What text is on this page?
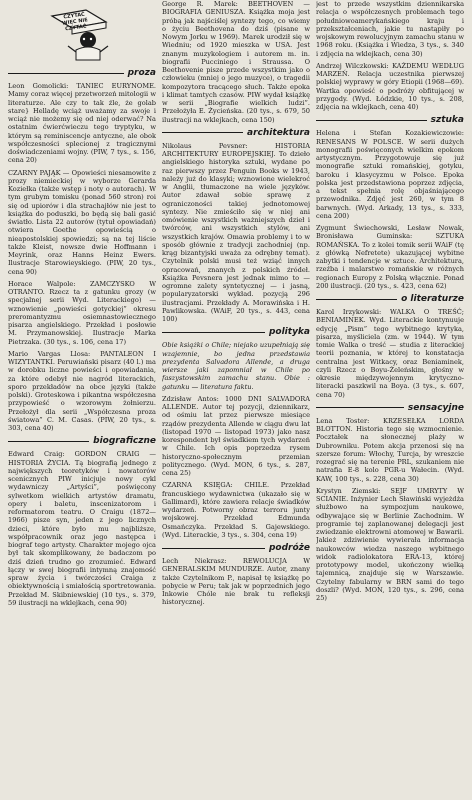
CZYTAĆ WIĘC NIE CZYTAĆ
proza

Leon Gomolicki: TANIEC EURYNOME. Mamy coraz więcej przetworzeń mitologii w literaturze. Ale czy to tak źle, że golab stare} Helladę wciąż uważamy za swoje i wciąż nie możemy się od niej oderwać? Na ostatnim ćwierćwieczu tego tryptyku, w którym są reminiscencje antyczne, ale obok współczesności splecionej z tragicznymi doświadczeniami wojny. (PIW, 7 tys., s. 156, cena 20)

CZARNY PAJĄK — Opowieści niesamowite z prozy niemieckiej w wyborze Gerarda Koziełka (także wstęp i noty o autorach). W tym grubym tomisku (ponad 560 stron) roi się od upiorów i dla strachajłów nie jest to książka do poduszki, bo będą się bali gasić światło. Lista 22 autorów (tytuł opowiadań) otwiera Goethe opowieścią o nieapostolskiej spowiedzi; są na tej liście także Kleist, nowsze dwie Hoffmann i Meyrink, oraz Hanns Heinz Ewers. Ilustracje Starowieyskiego. (PIW, 20 tys., cena 90)

Horace Walpole: ZAMCZYSKO W OTRANTO. Rzecz ta z gatunku grozy (w specjalnej serii Wyd. Literackiego) — wznowienie „powieści gotyckiej” okresu preromantyzmu osiemnastowiecznego pisarza angielskiego. Przekład i posłowie M. Przymanowskiej. Ilustracje Marka Pietrzaka. (30 tys., s. 106, cena 17)

Mario Vargas Llosa: PANTALEON I WIZYTANTKI. Peruwiański pisarz (40 l.) ma w dorobku liczne powieści i opowiadania, za które odebył nie nagród literackich, sporo przekładów na obce języki (także polski). Groteskowa i pikantna współczesna przypowieść o wzorowym żołnierzu. Przełożył dla serii „Współczesna proza światowa” C. M. Casas. (PIW, 20 tys., s. 303, cena 40)

biograficzne

Edward Craig: GORDON CRAIG — HISTORIA ŻYCIA. Tą biografią jednego z największych teoretyków i nowatorów scenicznych PIW inicjuje nowy cykl wydawniczy „Artyści”, poświęcony sylwetkom wielkich artystów dramatu, opery i baletu, inscenizatorom i reformatorom teatru. O Craigu (1872—1966) pisze syn, jeden z jego licznych dzieci, które było mu najbliższe, współpracownik oraz jego następca i biograf tego artysty. Charakter mojego ojca był tak skomplikowany, że badaczom po dziś dzień trudno go zrozumieć. Edward łączy w swej biografii intymną znajomość spraw życia i twórczości Craiga z obiektywnością i smiałością sportretowania. Przekład M. Skibniewskiej (10 tys., s. 379, 59 ilustracji na wklejkach, cena 90)

George R. Marek: BEETHOVEN — BIOGRAFIA GENIUSZA. Książka moja jest próbą jak najściślej syntezy tego, co wiemy o życiu Beethovena do dziś (pisane w Nowym Jorku w 1969). Marek urodził się w Wiedniu; od 1920 mieszka w USA. Jest znanym muzykologiem i autorem m. in. biografii Pucciniego i Straussa. O Beethovenie pisze przede wszystkim jako o człowieku (mniej o jego muzyce), o tragedii kompozytora tracącego słuch. Także epoka i klimat tamtych czasów. PIW wydał książkę w serii „Biografie wielkich ludzi”. Przełożyła E. Życieńska. (20 tys., s. 679, 50 ilustracji na wklejkach, cena 150)

architektura

Nikolaus Pevsner: HISTORIA ARCHITEKTURY EUROPEJSKIEJ. To dzieło angielskiego historyka sztuki, wydane po raz pierwszy przez Penguin Books w 1943, należy już do klasyki; wznowione wielekroć w Anglii, tłumaczone na wiele języków. Autor zdawał sobie sprawę z ograniczoności takiej jednotomowej syntezy. Nie zmieściło się w niej ani omówienie wszystkich ważniejszych dzieł i twórców, ani wszystkich stylów, ani wszystkich krajów. Omawia problemy i to w sposób głównie z tradycji zachodniej (np. krąg bizantyjski uważa za odrębny temat). Czytelnik polski musi też wziąć innych opracowań, znanych z polskich źródeł. Książka Pevsnera jest jednak mimo to — ogromne zalety syntetycznej — i jasną, popularyzatorski wykład. pozycją 296 ilustracjami. Przekłady A. Morawińska i H. Pawlikowska. (WAiF, 20 tys., s. 443, cena 100)

polityka

Obie książki o Chile; niejako uzupełniają się wzajemnie, bo jedna przedstawia prezydenta Salvadora Allende, a druga wiersze jaki zapomniał w Chile po faszystowskim zamachu stanu. Obie : gatunku — literatura faktu.

Zdzisław Antos: 1000 DNI SALVADORA ALLENDE. Autor tej pozycji, dziennikarz, od ośmiu lat przez pierwsze miesiące rządów prezydenta Allende w ciągu dwu lat (listopad 1970 — listopad 1973) jako nasz korespondent był świadkiem tych wydarzeń w Chile. Ich opis poprzedza rysem historyczno-społecznym przemian politycznego. (Wyd. MON, 6 tys., s. 287, cena 25)

CZARNA KSIĘGA: CHILE. Przekład francuskiego wydawnictwa (ukazało się w Gallimard), które zawiera relacje świadków wydarzeń. Potworny obraz terroru junty wojskowej. Przekład Edmunda Osmańczyka. Przekład S. Gajewskiego. (Wyd. Literackie, 3 tys., s. 304, cena 19)

podróże

Lech Niekrasz: REWOLUCJA W GENERALSKIM MUNDURZE. Autor, znany także Czytelnikom P., napisał tę książkę po pobycie w Peru; tak jak w poprzednich jego Inkowie Chóle nie brak tu refleksji historycznej.

jest to przede wszystkim dziennikarska relacja o współczesnych problemach tego południowoamerykańskiego kraju i przekształceniach, jakie tu nastąpiły po wojskowym rewolucyjnym zamachu stanu w 1968 roku. (Książka i Wiedza, 3 tys., s. 340 i zdjęcia na wklejkach, cena 30)

Andrzej Wilczkowski: KAŻDEMU WEDŁUG MARZEŃ. Relacja uczestnika pierwszej polskiej wyprawy w góry Etiopii (1968—69). Wartka opowieść o podróży obfitującej w przygody. (Wyd. Łódzkie, 10 tys., s. 208, zdjęcia na wklejkach, cena 40)

sztuka

Helena i Stefan Kozakiewiczowie: RENESANS W POLSCE. W serii dużych monografii poświęconych wielkim epokom artystycznym. Przygotowuje się już monografie sztuki romańskiej, gotyku, baroku i klasycyzmu w Polsce. Epoka polska jest przedstawiona poprzez zdjęcia, a tekst spełnia rolę objaśniającego przewodnika. Zdjęć jest 260, w tym 8 barwnych. (Wyd. Arkady, 13 tys., s. 333, cena 200)

Zygmunt Świechowski, Lesław Nowak, Bronisława Guminska: SZTUKA ROMAŃSKA. To z kolei tomik serii WAiF (tę z główką Nefretete) ukazującej wybitne zabytki i tendencje w sztuce. Architektura, rzeźba i malarstwo romańskie w różnych regionach Europy z Polską włącznie. Ponad 200 ilustracji. (20 tys., s. 423, cena 62)

o literaturze

Karol Irzykowski: WALKA O TREŚĆ; BENIAMINEK. Wyd. Literackie kontynuuje edycję „Pism” tego wybitnego krytyka, pisarza, myśliciela (zm. w 1944). W tym tomie Walka o treść — studia z literackiej teorii poznania, w której to konstatacja centralna jest Witkacy, oraz Beniaminek, czyli Rzecz o Boyu-Żeleńskim, głośny w okresie międzywojennym krytyczno-literacki paszkwil na Boya. (3 tys., s. 607, cena 70)

sensacyjne

Lena Toster: KRZESEŁKA LORDA BLOTTON. Historia tego się wzmocnienie. Pocztałek na słonecznej plaży w Dubrowniku. Potem akcja przenosi się na szersze forum: Włochy, Turcja, by wreszcie rozegrać się na terenie PRL, szukaniem nie natrafia E-8 kolo PGR-u Wałecin. (Wyd. KAW, 100 tys., s. 228, cena 30)

Krystyn Ziemski: SEJF UMRYTY W SCIANIE. Inżynier Lech Sławiński wyjeżdża służbowo na sympozjum naukowe, odbywające się w Berlinie Zachodnim. W programie tej zaplanowanej delegacji jest zwiedzanie elektrowni atomowej w Bawarii. Jakież zdziwienie wywierała informacja naukowców wiedza naszego wybitnego widok radiolokatora ERA-13, której prototypowy model, ukończony wielką tajemnicą, znajduje się w Warszawie. Czytelny fabularny w BRN sami do tego doszli? (Wyd. MON, 120 tys., s. 296, cena 25)
